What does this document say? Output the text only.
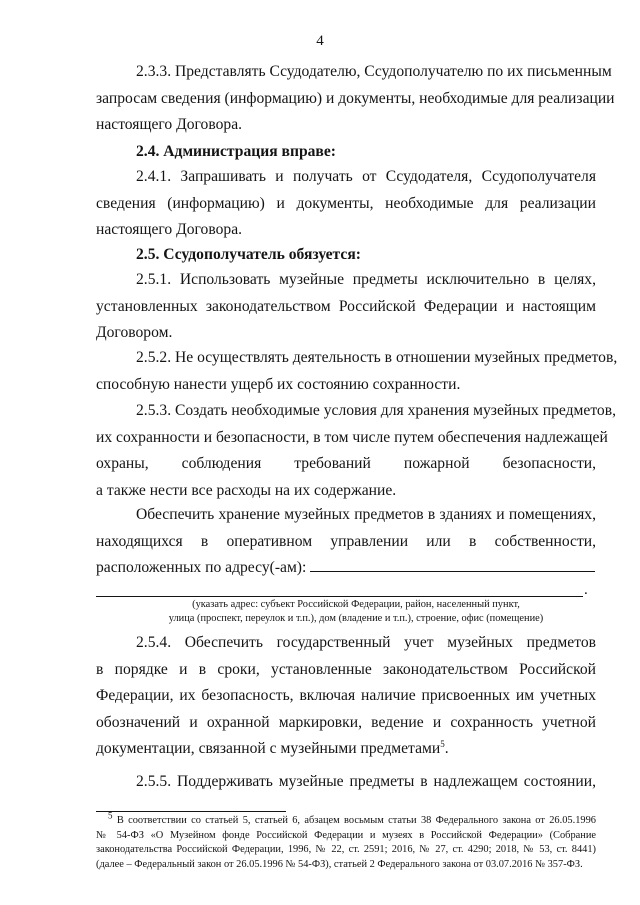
4
2.3.3. Представлять Ссудодателю, Ссудополучателю по их письменным
запросам сведения (информацию) и документы, необходимые для реализации
настоящего Договора.
2.4. Администрация вправе:
2.4.1. Запрашивать и получать от Ссудодателя, Ссудополучателя
сведения (информацию) и документы, необходимые для реализации
настоящего Договора.
2.5. Ссудополучатель обязуется:
2.5.1. Использовать музейные предметы исключительно в целях,
установленных законодательством Российской Федерации и настоящим
Договором.
2.5.2. Не осуществлять деятельность в отношении музейных предметов,
способную нанести ущерб их состоянию сохранности.
2.5.3. Создать необходимые условия для хранения музейных предметов,
их сохранности и безопасности, в том числе путем обеспечения надлежащей
охраны, соблюдения требований пожарной безопасности,
а также нести все расходы на их содержание.
Обеспечить хранение музейных предметов в зданиях и помещениях,
находящихся в оперативном управлении или в собственности,
расположенных по адресу(-ам):
.
(указать адрес: субъект Российской Федерации, район, населенный пункт,
улица (проспект, переулок и т.п.), дом (владение и т.п.), строение, офис (помещение)
2.5.4. Обеспечить государственный учет музейных предметов
в порядке и в сроки, установленные законодательством Российской
Федерации, их безопасность, включая наличие присвоенных им учетных
обозначений и охранной маркировки, ведение и сохранность учетной
документации, связанной с музейными предметами$^5$.
2.5.5. Поддерживать музейные предметы в надлежащем состоянии,
$^5$ В соответствии со статьей 5, статьей 6, абзацем восьмым статьи 38 Федерального закона от 26.05.1996
№ 54-ФЗ «О Музейном фонде Российской Федерации и музеях в Российской Федерации» (Собрание
законодательства Российской Федерации, 1996, № 22, ст. 2591; 2016, № 27, ст. 4290; 2018, № 53, ст. 8441)
(далее – Федеральный закон от 26.05.1996 № 54-ФЗ), статьей 2 Федерального закона от 03.07.2016 № 357-ФЗ.
